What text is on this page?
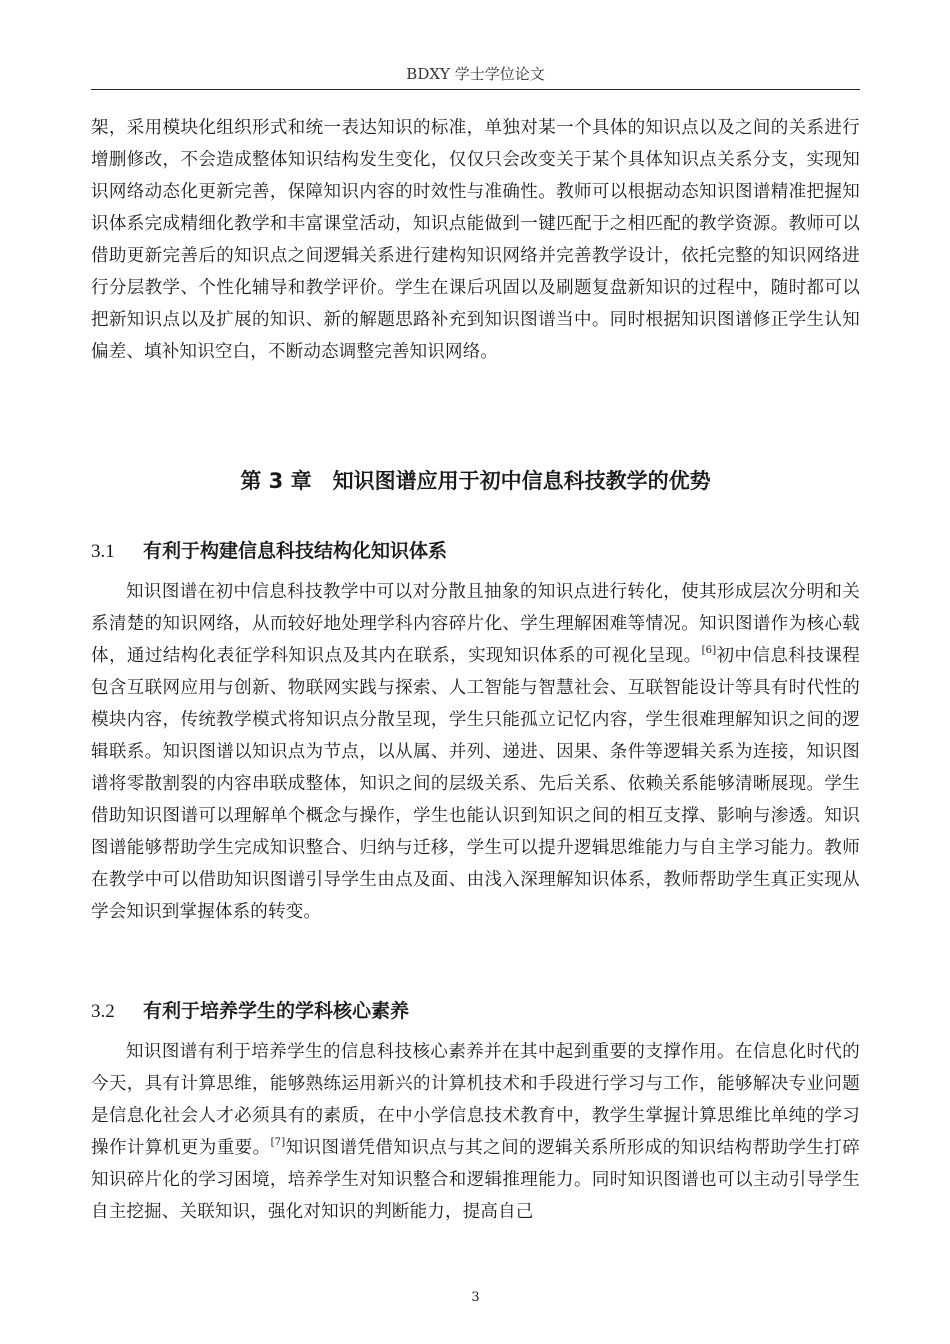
BDXY 学士学位论文

架，采用模块化组织形式和统一表达知识的标准，单独对某一个具体的知识点以及之间的关系进行增删修改，不会造成整体知识结构发生变化，仅仅只会改变关于某个具体知识点关系分支，实现知识网络动态化更新完善，保障知识内容的时效性与准确性。教师可以根据动态知识图谱精准把握知识体系完成精细化教学和丰富课堂活动，知识点能做到一键匹配于之相匹配的教学资源。教师可以借助更新完善后的知识点之间逻辑关系进行建构知识网络并完善教学设计，依托完整的知识网络进行分层教学、个性化辅导和教学评价。学生在课后巩固以及刷题复盘新知识的过程中，随时都可以把新知识点以及扩展的知识、新的解题思路补充到知识图谱当中。同时根据知识图谱修正学生认知偏差、填补知识空白，不断动态调整完善知识网络。

第 3 章　知识图谱应用于初中信息科技教学的优势
3.1 有利于构建信息科技结构化知识体系

知识图谱在初中信息科技教学中可以对分散且抽象的知识点进行转化，使其形成层次分明和关系清楚的知识网络，从而较好地处理学科内容碎片化、学生理解困难等情况。知识图谱作为核心载体，通过结构化表征学科知识点及其内在联系，实现知识体系的可视化呈现。[6]初中信息科技课程包含互联网应用与创新、物联网实践与探索、人工智能与智慧社会、互联智能设计等具有时代性的模块内容，传统教学模式将知识点分散呈现，学生只能孤立记忆内容，学生很难理解知识之间的逻辑联系。知识图谱以知识点为节点，以从属、并列、递进、因果、条件等逻辑关系为连接，知识图谱将零散割裂的内容串联成整体，知识之间的层级关系、先后关系、依赖关系能够清晰展现。学生借助知识图谱可以理解单个概念与操作，学生也能认识到知识之间的相互支撑、影响与渗透。知识图谱能够帮助学生完成知识整合、归纳与迁移，学生可以提升逻辑思维能力与自主学习能力。教师在教学中可以借助知识图谱引导学生由点及面、由浅入深理解知识体系，教师帮助学生真正实现从学会知识到掌握体系的转变。

3.2 有利于培养学生的学科核心素养

知识图谱有利于培养学生的信息科技核心素养并在其中起到重要的支撑作用。在信息化时代的今天，具有计算思维，能够熟练运用新兴的计算机技术和手段进行学习与工作，能够解决专业问题是信息化社会人才必须具有的素质，在中小学信息技术教育中，教学生掌握计算思维比单纯的学习操作计算机更为重要。[7]知识图谱凭借知识点与其之间的逻辑关系所形成的知识结构帮助学生打碎知识碎片化的学习困境，培养学生对知识整合和逻辑推理能力。同时知识图谱也可以主动引导学生自主挖掘、关联知识，强化对知识的判断能力，提高自己

3
